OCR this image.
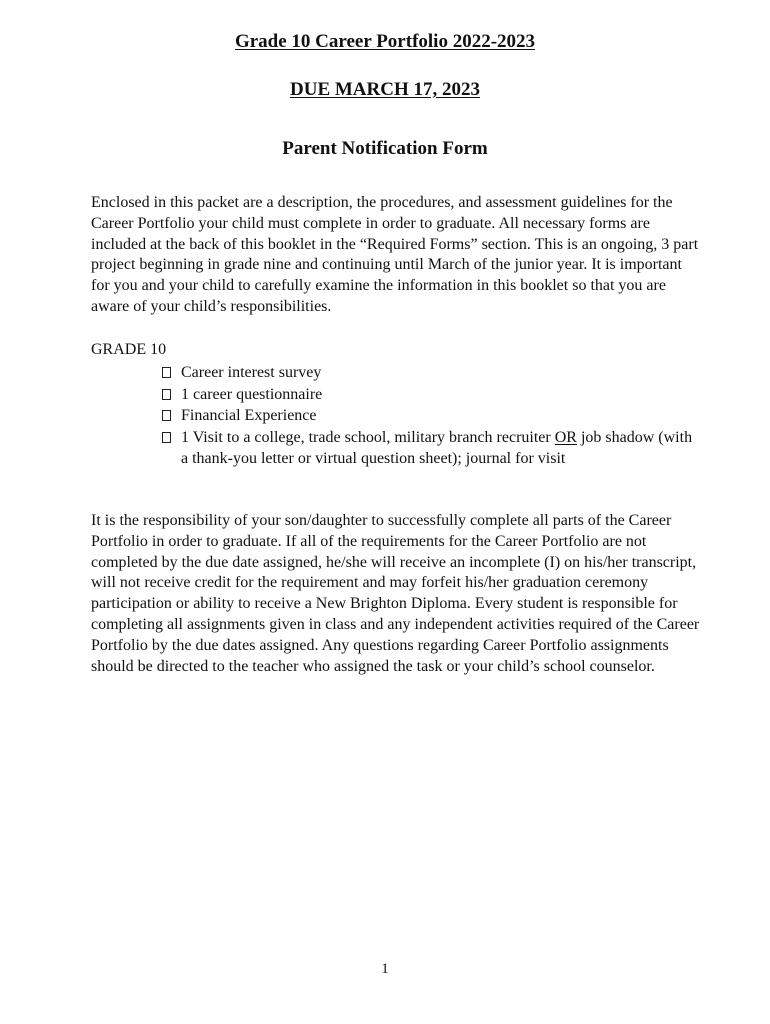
Grade 10 Career Portfolio 2022-2023
DUE MARCH 17, 2023
Parent Notification Form

Enclosed in this packet are a description, the procedures, and assessment guidelines for the Career Portfolio your child must complete in order to graduate. All necessary forms are included at the back of this booklet in the “Required Forms” section. This is an ongoing, 3 part project beginning in grade nine and continuing until March of the junior year. It is important for you and your child to carefully examine the information in this booklet so that you are aware of your child’s responsibilities.

GRADE 10

Career interest survey
1 career questionnaire
Financial Experience
1 Visit to a college, trade school, military branch recruiter OR job shadow (with a thank-you letter or virtual question sheet); journal for visit

It is the responsibility of your son/daughter to successfully complete all parts of the Career Portfolio in order to graduate. If all of the requirements for the Career Portfolio are not completed by the due date assigned, he/she will receive an incomplete (I) on his/her transcript, will not receive credit for the requirement and may forfeit his/her graduation ceremony participation or ability to receive a New Brighton Diploma. Every student is responsible for completing all assignments given in class and any independent activities required of the Career Portfolio by the due dates assigned. Any questions regarding Career Portfolio assignments should be directed to the teacher who assigned the task or your child’s school counselor.

1
